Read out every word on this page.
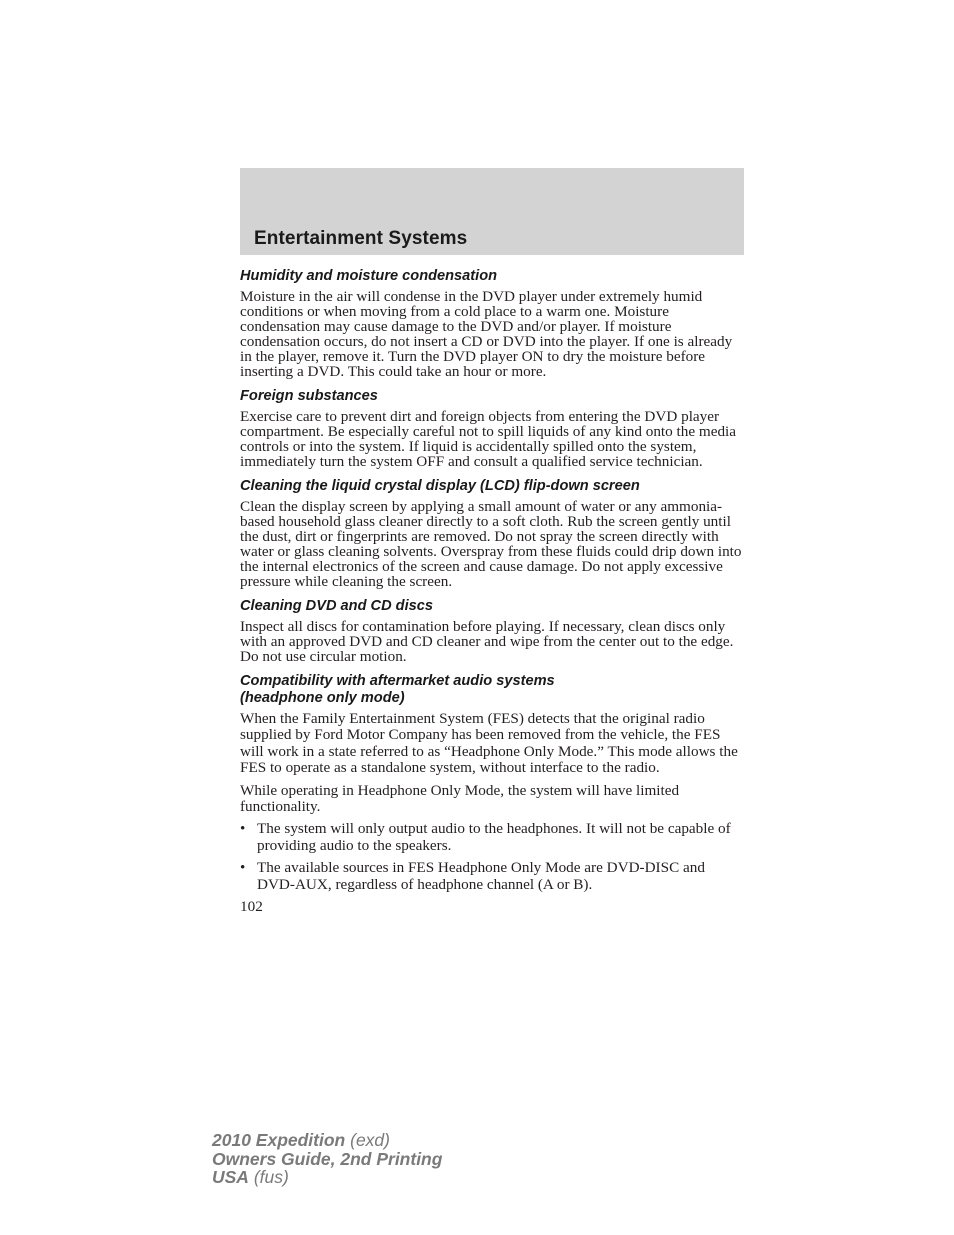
Entertainment Systems
Humidity and moisture condensation

Moisture in the air will condense in the DVD player under extremely humid conditions or when moving from a cold place to a warm one. Moisture condensation may cause damage to the DVD and/or player. If moisture condensation occurs, do not insert a CD or DVD into the player. If one is already in the player, remove it. Turn the DVD player ON to dry the moisture before inserting a DVD. This could take an hour or more.

Foreign substances

Exercise care to prevent dirt and foreign objects from entering the DVD player compartment. Be especially careful not to spill liquids of any kind onto the media controls or into the system. If liquid is accidentally spilled onto the system, immediately turn the system OFF and consult a qualified service technician.

Cleaning the liquid crystal display (LCD) flip-down screen

Clean the display screen by applying a small amount of water or any ammonia-based household glass cleaner directly to a soft cloth. Rub the screen gently until the dust, dirt or fingerprints are removed. Do not spray the screen directly with water or glass cleaning solvents. Overspray from these fluids could drip down into the internal electronics of the screen and cause damage. Do not apply excessive pressure while cleaning the screen.

Cleaning DVD and CD discs

Inspect all discs for contamination before playing. If necessary, clean discs only with an approved DVD and CD cleaner and wipe from the center out to the edge. Do not use circular motion.

Compatibility with aftermarket audio systems
(headphone only mode)

When the Family Entertainment System (FES) detects that the original radio supplied by Ford Motor Company has been removed from the vehicle, the FES will work in a state referred to as “Headphone Only Mode.” This mode allows the FES to operate as a standalone system, without interface to the radio.

While operating in Headphone Only Mode, the system will have limited functionality.

• The system will only output audio to the headphones. It will not be capable of providing audio to the speakers.
• The available sources in FES Headphone Only Mode are DVD-DISC and DVD-AUX, regardless of headphone channel (A or B).
102
2010 Expedition (exd)
Owners Guide, 2nd Printing
USA (fus)
